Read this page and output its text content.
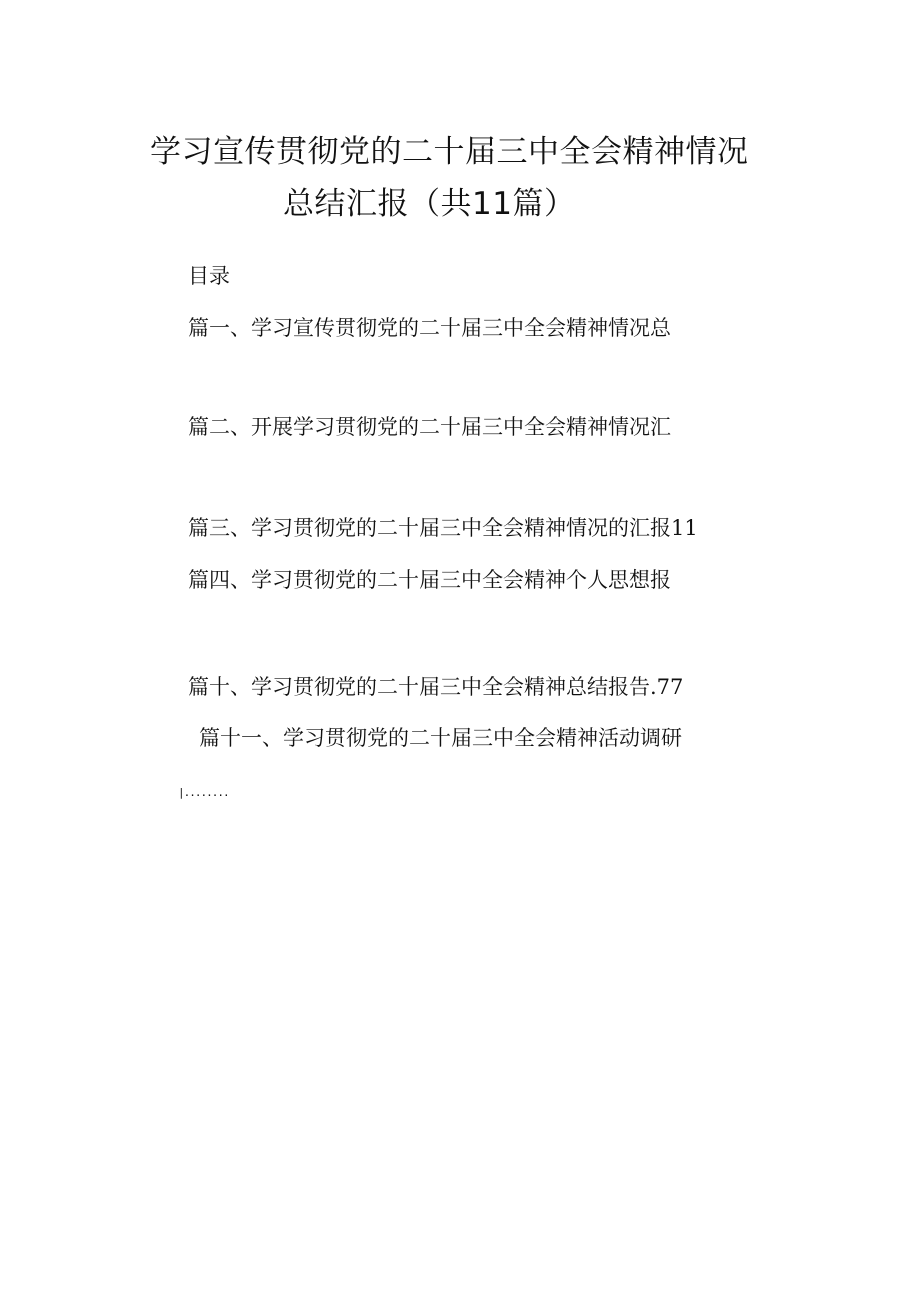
学习宣传贯彻党的二十届三中全会精神情况
总结汇报（共11篇）
目录
篇一、学习宣传贯彻党的二十届三中全会精神情况总
篇二、开展学习贯彻党的二十届三中全会精神情况汇
篇三、学习贯彻党的二十届三中全会精神情况的汇报11
篇四、学习贯彻党的二十届三中全会精神个人思想报
篇十、学习贯彻党的二十届三中全会精神总结报告.77
篇十一、学习贯彻党的二十届三中全会精神活动调研
|........
